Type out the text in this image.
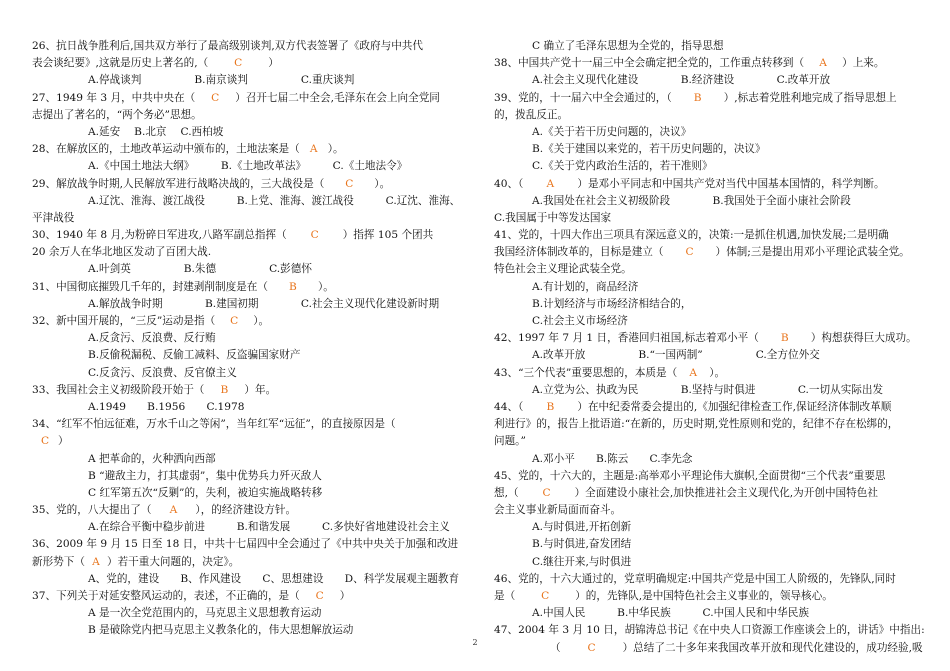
26、抗日战争胜利后,国共双方举行了最高级别谈判,双方代表签署了《政府与中共代
表会谈纪要》,这就是历史上著名的,（ C ）
A.停战谈判　　　　　B.南京谈判　　　　　C.重庆谈判
27、1949 年 3 月，中共中央在（ C ）召开七届二中全会,毛泽东在会上向全党同
志提出了著名的，“两个务必”思想。
A.延安　 B.北京　 C.西柏坡
28、在解放区的，土地改革运动中颁布的，土地法案是（ A ）。
A.《中国土地法大纲》　　　B.《土地改革法》　　　C.《土地法令》
29、解放战争时期,人民解放军进行战略决战的，三大战役是（ C ）。
A.辽沈、淮海、渡江战役　　　B.上党、淮海、渡江战役　　　C.辽沈、淮海、
平津战役
30、1940 年 8 月,为粉碎日军进攻,八路军副总指挥（ C ）指挥 105 个团共
20 余万人在华北地区发动了百团大战.
A.叶剑英　　　　　B.朱德　　　　　C.彭德怀
31、中国彻底摧毁几千年的，封建剥削制度是在（ B ）。
A.解放战争时期　　　　B.建国初期　　　　C.社会主义现代化建设新时期
32、新中国开展的，“三反”运动是指（ C ）。
A.反贪污、反浪费、反行贿
B.反偷税漏税、反偷工减料、反盗骗国家财产
C.反贪污、反浪费、反官僚主义
33、我国社会主义初级阶段开始于（ B ）年。
A.1949　　B.1956　　C.1978
34、“红军不怕远征难，万水千山之等闲”，当年红军“远征”，的直接原因是（
C ）
A 把革命的，火种洒向西部
B “避敌主力，打其虚弱”，集中优势兵力歼灭敌人
C 红军第五次“反剿”的，失利，被迫实施战略转移
35、党的，八大提出了（ A ），的经济建设方针。
A.在综合平衡中稳步前进　　　B.和谐发展　　　C.多快好省地建设社会主义
36、2009 年 9 月 15 日至 18 日，中共十七届四中全会通过了《中共中央关于加强和改进
新形势下（ A ）若干重大问题的，决定》。
A、党的，建设　　B、作风建设　　C、思想建设　　D、科学发展观主题教育
37、下列关于对延安整风运动的，表述，不正确的，是（ C ）
A 是一次全党范围内的，马克思主义思想教育运动
B 是破除党内把马克思主义教条化的，伟大思想解放运动
C 确立了毛泽东思想为全党的，指导思想
38、中国共产党十一届三中全会确定把全党的，工作重点转移到（ A ）上来。
A.社会主义现代化建设　　　　B.经济建设　　　　C.改革开放
39、党的，十一届六中全会通过的，（ B ）,标志着党胜利地完成了指导思想上
的，拨乱反正。
A.《关于若干历史问题的，决议》
B.《关于建国以来党的，若干历史问题的，决议》
C.《关于党内政治生活的，若干准则》
40、（ A ）是邓小平同志和中国共产党对当代中国基本国情的，科学判断。
A.我国处在社会主义初级阶段　　　　B.我国处于全面小康社会阶段
C.我国属于中等发达国家
41、党的，十四大作出三项具有深远意义的，决策:一是抓住机遇,加快发展;二是明确
我国经济体制改革的，目标是建立（ C ）体制;三是提出用邓小平理论武装全党。
特色社会主义理论武装全党。
A.有计划的，商品经济
B.计划经济与市场经济相结合的，
C.社会主义市场经济
42、1997 年 7 月 1 日，香港回归祖国,标志着邓小平（ B ）构想获得巨大成功。
A.改革开放　　　　　B.“一国两制”　　　　　C.全方位外交
43、“三个代表”重要思想的，本质是（ A ）。
A.立党为公、执政为民　　　　B.坚持与时俱进　　　　C.一切从实际出发
44、（ B ）在中纪委常委会提出的,《加强纪律检查工作,保证经济体制改革顺
利进行》的，报告上批语道:“在新的，历史时期,党性原则和党的，纪律不存在松绑的，
问题。”
A.邓小平　　B.陈云　　C.李先念
45、党的，十六大的，主题是:高举邓小平理论伟大旗帜,全面贯彻“三个代表”重要思
想,（ C ）全面建设小康社会,加快推进社会主义现代化,为开创中国特色社
会主义事业新局面而奋斗。
A.与时俱进,开拓创新
B.与时俱进,奋发团结
C.继往开来,与时俱进
46、党的，十六大通过的，党章明确规定:中国共产党是中国工人阶级的，先锋队,同时
是（ C ）的，先锋队,是中国特色社会主义事业的，领导核心。
A.中国人民　　　B.中华民族　　　C.中国人民和中华民族
47、2004 年 3 月 10 日，胡锦涛总书记《在中央人口资源工作座谈会上的，讲话》中指出:
（	C	）总结了二十多年来我国改革开放和现代化建设的，成功经验,吸
2
